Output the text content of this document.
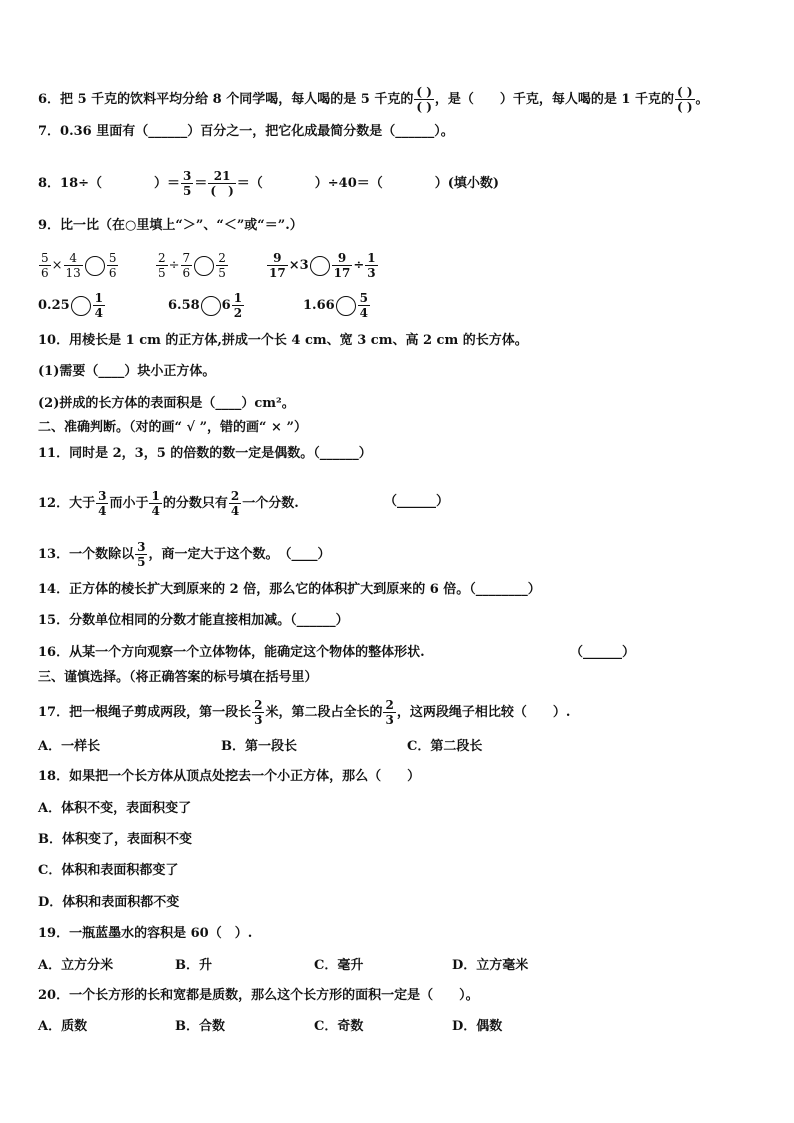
6．把 5 千克的饮料平均分给 8 个同学喝，每人喝的是 5 千克的 $\frac{( )}{( )}$ ，是（　　）千克，每人喝的是 1 千克的 $\frac{( )}{( )}$ 。
7．0.36 里面有（______）百分之一，把它化成最简分数是（______）。
8．18÷（　　　　）＝ $\frac{3}{5} = \frac{21}{( )}$ ＝（　　　　）÷40＝（　　　　）(填小数)
9．比一比（在○里填上“＞”、“＜”或“＝”.）
$\frac{5}{6} \times \frac{4}{13} \frac{5}{6}$	$\frac{2}{5} \div \frac{7}{6} \frac{2}{5}$	$\frac{9}{17} \times 3 \frac{9}{17} \div \frac{1}{3}$
$0.25 \frac{1}{4}$	6.58 $6 \frac{1}{2}$	$1.66 \frac{5}{4}$
10．用棱长是 1 cm 的正方体,拼成一个长 4 cm、宽 3 cm、高 2 cm 的长方体。
(1)需要（____）块小正方体。
(2)拼成的长方体的表面积是（____）cm²。
二、准确判断。（对的画“ √ ”，错的画“ × ”）
11．同时是 2，3，5 的倍数的数一定是偶数。（______）
12．大于 $\frac{3}{4}$ 而小于 $\frac{1}{4}$ 的分数只有 $\frac{2}{4}$ 一个分数.	（______）
13．一个数除以 $\frac{3}{5}$ ，商一定大于这个数。　（____）
14．正方体的棱长扩大到原来的 2 倍，那么它的体积扩大到原来的 6 倍。（________）
15．分数单位相同的分数才能直接相加减。（______）
16．从某一个方向观察一个立体物体，能确定这个物体的整体形状.	（______）
三、谨慎选择。（将正确答案的标号填在括号里）
17．把一根绳子剪成两段，第一段长 $\frac{2}{3}$ 米，第二段占全长的 $\frac{2}{3}$ ，这两段绳子相比较（　　）.
A．一样长	B．第一段长	C．第二段长
18．如果把一个长方体从顶点处挖去一个小正方体，那么（　　）
A．体积不变，表面积变了
B．体积变了，表面积不变
C．体积和表面积都变了
D．体积和表面积都不变
19．一瓶蓝墨水的容积是 60（　）.
A．立方分米	B．升	C．毫升	D．立方毫米
20．一个长方形的长和宽都是质数，那么这个长方形的面积一定是（　　）。
A．质数	B．合数	C．奇数	D．偶数
